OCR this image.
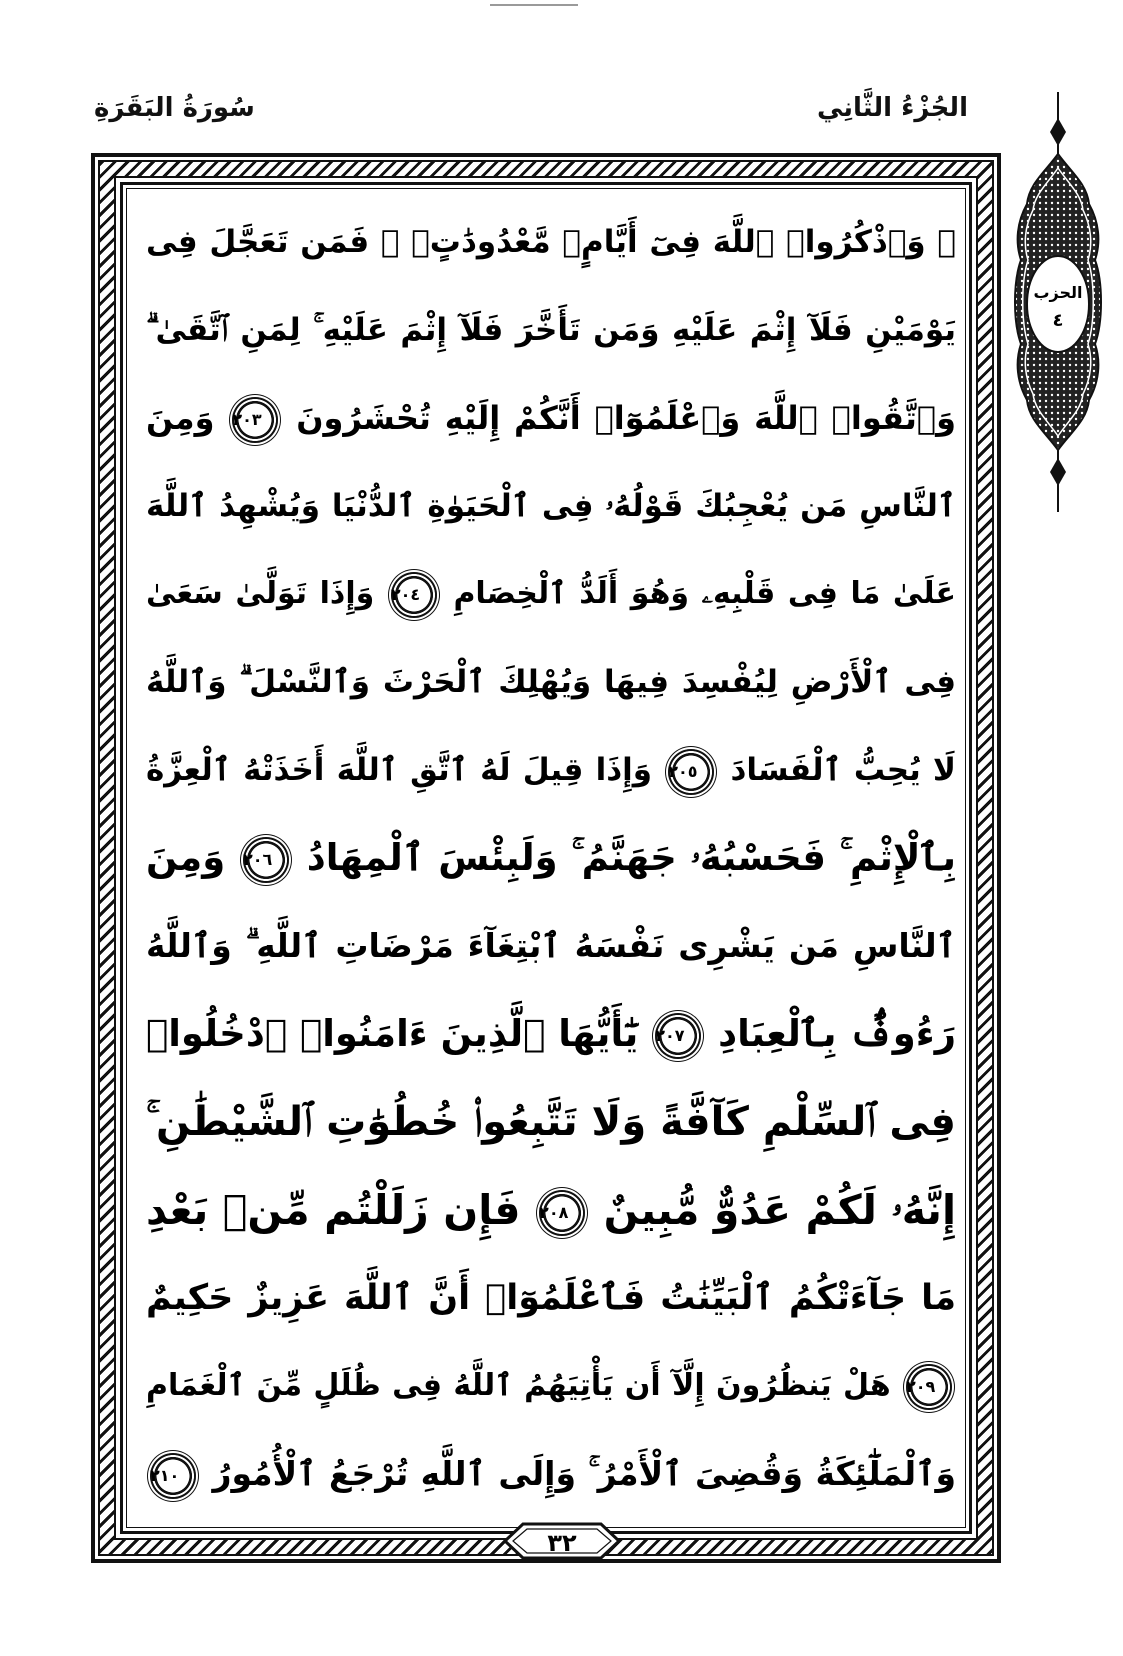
سُورَةُ البَقَرَةِ	الجُزْءُ الثَّانِي
الحزب
٤
۞ وَٱذْكُرُوا۟ ٱللَّهَ فِىٓ أَيَّامٍۢ مَّعْدُودَٰتٍۢ ۚ فَمَن تَعَجَّلَ فِى
يَوْمَيْنِ فَلَآ إِثْمَ عَلَيْهِ وَمَن تَأَخَّرَ فَلَآ إِثْمَ عَلَيْهِ ۚ لِمَنِ ٱتَّقَىٰ ۗ
وَٱتَّقُوا۟ ٱللَّهَ وَٱعْلَمُوٓا۟ أَنَّكُمْ إِلَيْهِ تُحْشَرُونَ ٢٠٣ وَمِنَ
ٱلنَّاسِ مَن يُعْجِبُكَ قَوْلُهُۥ فِى ٱلْحَيَوٰةِ ٱلدُّنْيَا وَيُشْهِدُ ٱللَّهَ
عَلَىٰ مَا فِى قَلْبِهِۦ وَهُوَ أَلَدُّ ٱلْخِصَامِ ٢٠٤ وَإِذَا تَوَلَّىٰ سَعَىٰ
فِى ٱلْأَرْضِ لِيُفْسِدَ فِيهَا وَيُهْلِكَ ٱلْحَرْثَ وَٱلنَّسْلَ ۗ وَٱللَّهُ
لَا يُحِبُّ ٱلْفَسَادَ ٢٠٥ وَإِذَا قِيلَ لَهُ ٱتَّقِ ٱللَّهَ أَخَذَتْهُ ٱلْعِزَّةُ
بِٱلْإِثْمِ ۚ فَحَسْبُهُۥ جَهَنَّمُ ۚ وَلَبِئْسَ ٱلْمِهَادُ ٢٠٦ وَمِنَ
ٱلنَّاسِ مَن يَشْرِى نَفْسَهُ ٱبْتِغَآءَ مَرْضَاتِ ٱللَّهِ ۗ وَٱللَّهُ
رَءُوفٌۢ بِٱلْعِبَادِ ٢٠٧ يَٰٓأَيُّهَا ٱلَّذِينَ ءَامَنُوا۟ ٱدْخُلُوا۟
فِى ٱلسِّلْمِ كَآفَّةً وَلَا تَتَّبِعُوا۟ خُطُوَٰتِ ٱلشَّيْطَٰنِ ۚ
إِنَّهُۥ لَكُمْ عَدُوٌّ مُّبِينٌ ٢٠٨ فَإِن زَلَلْتُم مِّنۢ بَعْدِ
مَا جَآءَتْكُمُ ٱلْبَيِّنَٰتُ فَٱعْلَمُوٓا۟ أَنَّ ٱللَّهَ عَزِيزٌ حَكِيمٌ
٢٠٩ هَلْ يَنظُرُونَ إِلَّآ أَن يَأْتِيَهُمُ ٱللَّهُ فِى ظُلَلٍ مِّنَ ٱلْغَمَامِ
وَٱلْمَلَٰٓئِكَةُ وَقُضِىَ ٱلْأَمْرُ ۚ وَإِلَى ٱللَّهِ تُرْجَعُ ٱلْأُمُورُ ٢١٠
٣٢
